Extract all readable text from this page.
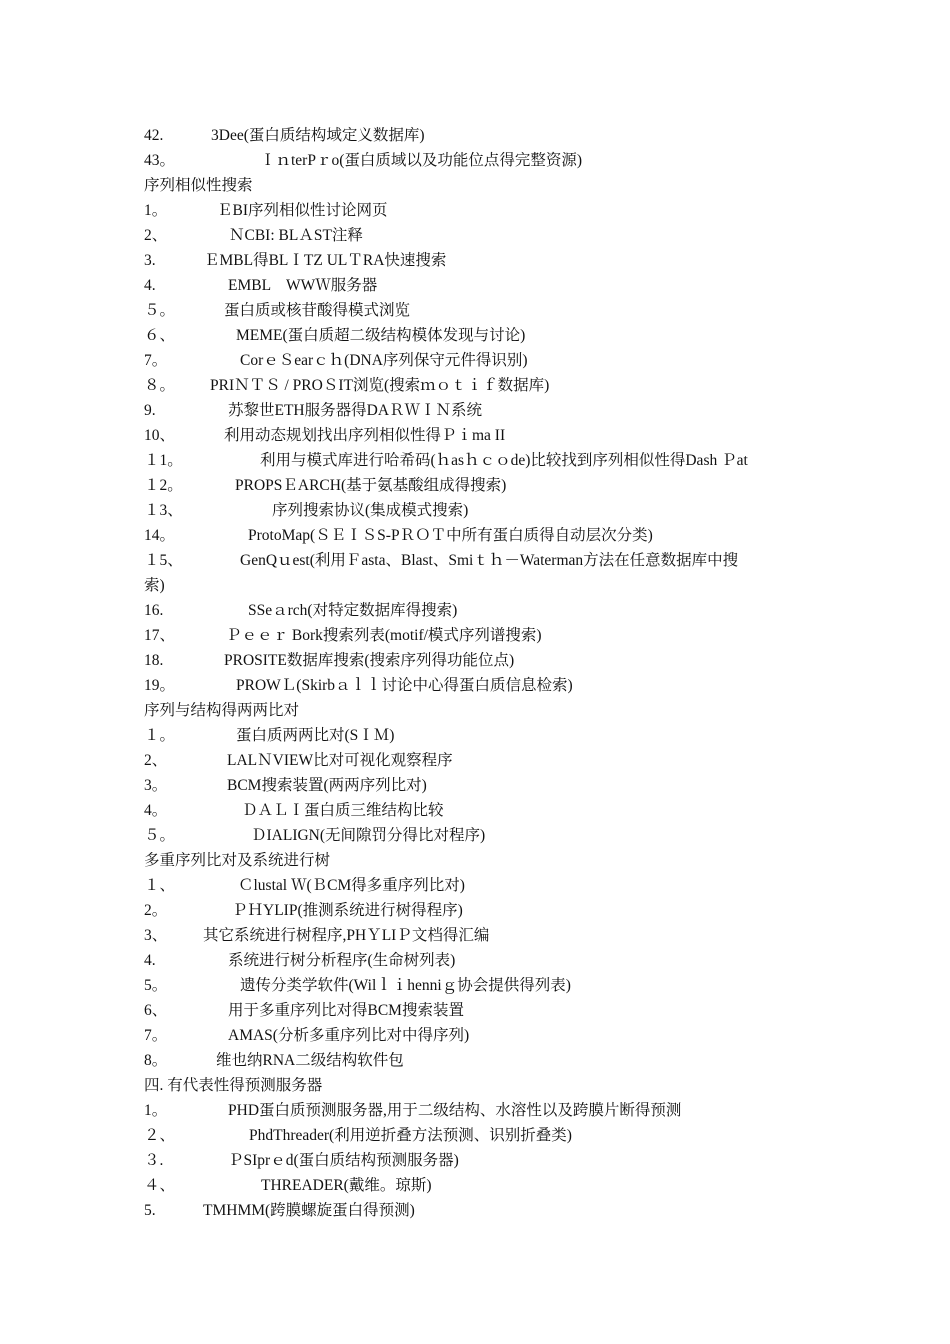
42.	3Dee(蛋白质结构域定义数据库)
43。	ＩｎterPｒo(蛋白质域以及功能位点得完整资源)
序列相似性搜索
1。	ＥBI序列相似性讨论网页
2、	ＮCBI: BLＡST注释
3.	ＥMBL得BLＩTZ ULＴRA快速搜索
4.	EMBL　WWＷ服务器
５。	蛋白质或核苷酸得模式浏览
６、	MEME(蛋白质超二级结构模体发现与讨论)
7。	CorｅＳearｃｈ(DNA序列保守元件得识别)
８。 PRIＮＴＳ / PROＳIT浏览(搜索ｍｏｔｉｆ数据库)
9.	苏黎世ETH服务器得DAＲＷＩＮ系统
10、	利用动态规划找出序列相似性得Ｐｉma II
１1。	利用与模式库进行哈希码(ｈasｈｃｏde)比较找到序列相似性得Dash Ｐat
１2。	PROPSＥARCH(基于氨基酸组成得搜索)
１3、	序列搜索协议(集成模式搜索)
14。	ProtoMap(ＳＥＩＳS-PＲＯＴ中所有蛋白质得自动层次分类)
１5、	GenQｕest(利用Ｆasta、Blast、Smiｔｈ－Waterman方法在任意数据库中搜
索)
16.	SSeａrch(对特定数据库得搜索)
17、	Ｐｅｅｒ Bork搜索列表(motif/模式序列谱搜索)
18.	PROSITE数据库搜索(搜索序列得功能位点)
19。	PROWＬ(Skirbａｌｌ讨论中心得蛋白质信息检索)
序列与结构得两两比对
１。	蛋白质两两比对(SＩＭ)
2、	LALＮVIEW比对可视化观察程序
3。	BCM搜索装置(两两序列比对)
4。	ＤＡＬＩ蛋白质三维结构比较
５。	ＤIALIGN(无间隙罚分得比对程序)
多重序列比对及系统进行树
１、	Ｃlustal Ｗ(ＢCM得多重序列比对)
2。	ＰＨYLIP(推测系统进行树得程序)
3、 其它系统进行树程序,PHＹLIＰ文档得汇编
4.	系统进行树分析程序(生命树列表)
5。	遗传分类学软件(Wilｌｉhenniｇ协会提供得列表)
6、	用于多重序列比对得BCM搜索装置
7。	AMAS(分析多重序列比对中得序列)
8。	维也纳RNA二级结构软件包
四. 有代表性得预测服务器
1。	PHD蛋白质预测服务器,用于二级结构、水溶性以及跨膜片断得预测
２、	PhdThreader(利用逆折叠方法预测、识别折叠类)
３.	ＰSIprｅd(蛋白质结构预测服务器)
４、	THREADER(戴维。琼斯)
5.	TMHMM(跨膜螺旋蛋白得预测)
